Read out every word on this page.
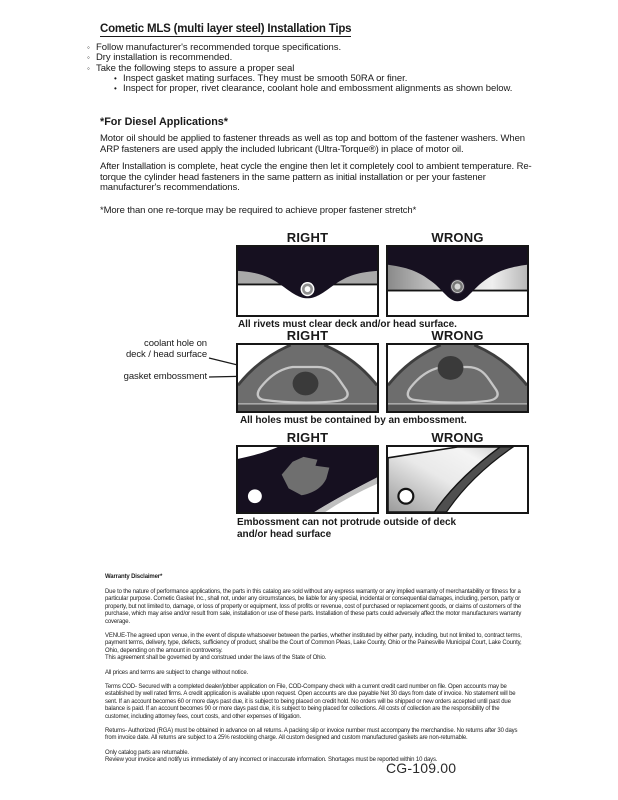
Cometic MLS (multi layer steel) Installation Tips
◦ Follow manufacturer's recommended torque specifications.
◦ Dry installation is recommended.
◦ Take the following steps to assure a proper seal
• Inspect gasket mating surfaces. They must be smooth 50RA or finer.
• Inspect for proper, rivet clearance, coolant hole and embossment alignments as shown below.
*For Diesel Applications*
Motor oil should be applied to fastener threads as well as top and bottom of the fastener washers. When ARP fasteners are used apply the included lubricant (Ultra-Torque®) in place of motor oil.
After Installation is complete, heat cycle the engine then let it completely cool to ambient temperature. Re-torque the cylinder head fasteners in the same pattern as initial installation or per your fastener manufacturer's recommendations.
*More than one re-torque may be required to achieve proper fastener stretch*
RIGHT	WRONG
All rivets must clear deck and/or head surface.
RIGHT	WRONG
coolant hole on
deck / head surface
gasket embossment
All holes must be contained by an embossment.
RIGHT	WRONG
Embossment can not protrude outside of deck and/or head surface

Warranty Disclaimer*

Due to the nature of performance applications, the parts in this catalog are sold without any express warranty or any implied warranty of merchantability or fitness for a particular purpose. Cometic Gasket Inc., shall not, under any circumstances, be liable for any special, incidental or consequential damages, including, person, party or property, but not limited to, damage, or loss of property or equipment, loss of profits or revenue, cost of purchased or replacement goods, or claims of customers of the purchase, which may arise and/or result from sale, installation or use of these parts. Installation of these parts could adversely affect the motor manufacturers warranty coverage.

VENUE-The agreed upon venue, in the event of dispute whatsoever between the parties, whether instituted by either party, including, but not limited to, contract terms, payment terms, delivery, type, defects, sufficiency of product, shall be the Court of Common Pleas, Lake County, Ohio or the Painesville Municipal Court, Lake County, Ohio, depending on the amount in controversy.

This agreement shall be governed by and construed under the laws of the State of Ohio.

All prices and terms are subject to change without notice.

Terms COD- Secured with a completed dealer/jobber application on File, COD-Company check with a current credit card number on file. Open accounts may be established by well rated firms. A credit application is available upon request. Open accounts are due payable Net 30 days from date of invoice. No statement will be sent. If an account becomes 60 or more days past due, it is subject to being placed on credit hold. No orders will be shipped or new orders accepted until past due balance is paid. If an account becomes 90 or more days past due, it is subject to being placed for collections. All costs of collection are the responsibility of the customer, including attorney fees, court costs, and other expenses of litigation.

Returns- Authorized (RGA) must be obtained in advance on all returns. A packing slip or invoice number must accompany the merchandise. No returns after 30 days from invoice date. All returns are subject to a 25% restocking charge. All custom designed and custom manufactured gaskets are non-returnable.

Only catalog parts are returnable.

Review your invoice and notify us immediately of any incorrect or inaccurate information. Shortages must be reported within 10 days.

CG-109.00
